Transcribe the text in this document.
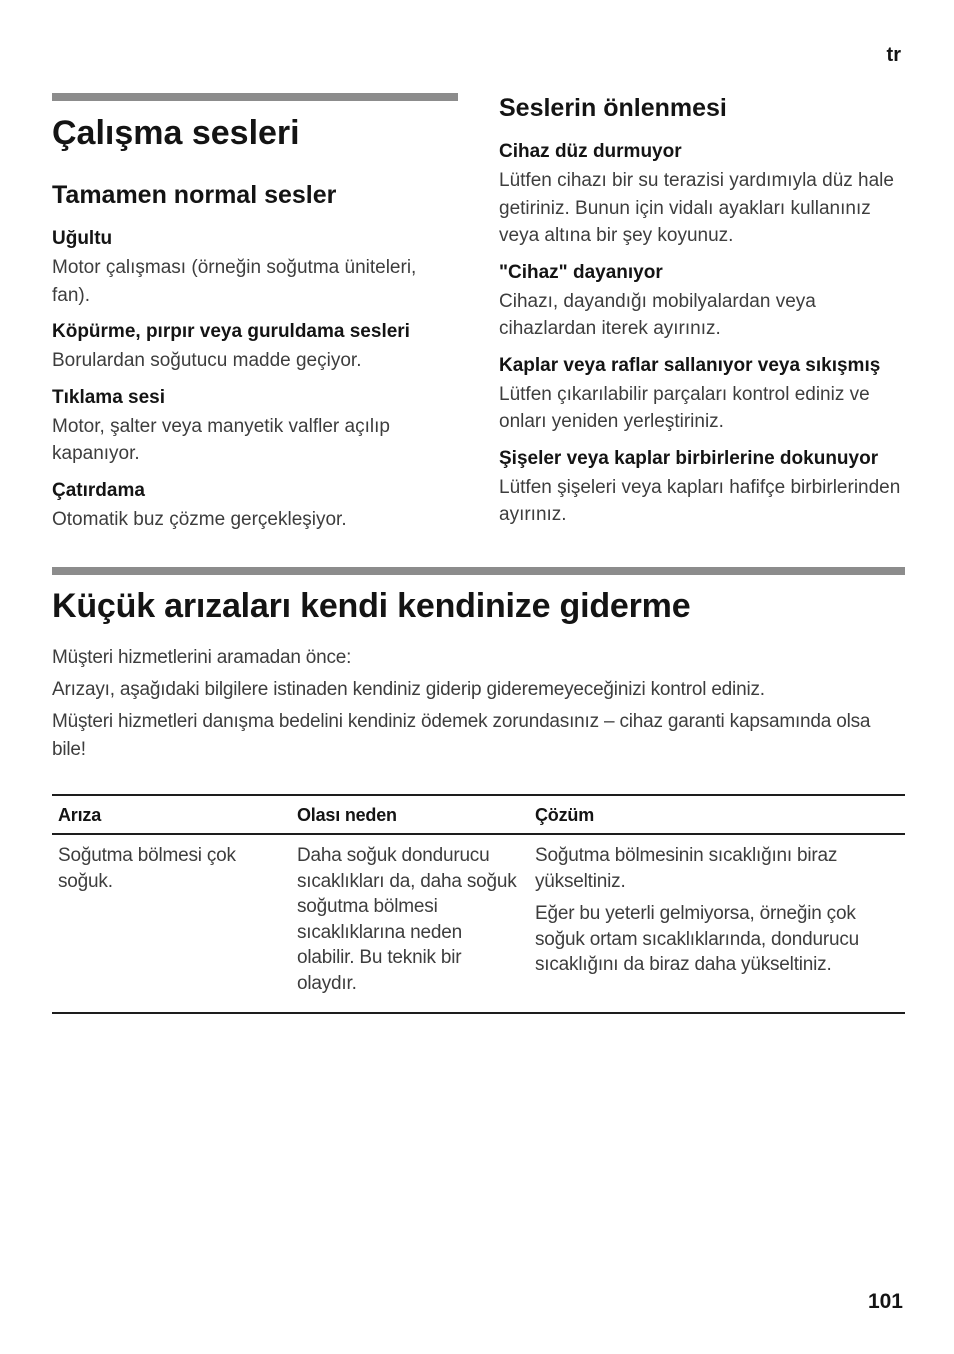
tr
Çalışma sesleri
Tamamen normal sesler
Uğultu

Motor çalışması (örneğin soğutma üniteleri, fan).

Köpürme, pırpır veya guruldama sesleri

Borulardan soğutucu madde geçiyor.

Tıklama sesi

Motor, şalter veya manyetik valfler açılıp kapanıyor.

Çatırdama

Otomatik buz çözme gerçekleşiyor.

Seslerin önlenmesi
Cihaz düz durmuyor

Lütfen cihazı bir su terazisi yardımıyla düz hale getiriniz. Bunun için vidalı ayakları kullanınız veya altına bir şey koyunuz.

"Cihaz" dayanıyor

Cihazı, dayandığı mobilyalardan veya cihazlardan iterek ayırınız.

Kaplar veya raflar sallanıyor veya sıkışmış

Lütfen çıkarılabilir parçaları kontrol ediniz ve onları yeniden yerleştiriniz.

Şişeler veya kaplar birbirlerine dokunuyor

Lütfen şişeleri veya kapları hafifçe birbirlerinden ayırınız.

Küçük arızaları kendi kendinize giderme

Müşteri hizmetlerini aramadan önce:

Arızayı, aşağıdaki bilgilere istinaden kendiniz giderip gideremeyeceğinizi kontrol ediniz.

Müşteri hizmetleri danışma bedelini kendiniz ödemek zorundasınız – cihaz garanti kapsamında olsa bile!

Arıza	Olası neden	Çözüm

Soğutma bölmesi çok soğuk.

Daha soğuk dondurucu sıcaklıkları da, daha soğuk soğutma bölmesi sıcaklıklarına neden olabilir. Bu teknik bir olaydır.

Soğutma bölmesinin sıcaklığını biraz yükseltiniz.

Eğer bu yeterli gelmiyorsa, örneğin çok soğuk ortam sıcaklıklarında, dondurucu sıcaklığını da biraz daha yükseltiniz.

101
